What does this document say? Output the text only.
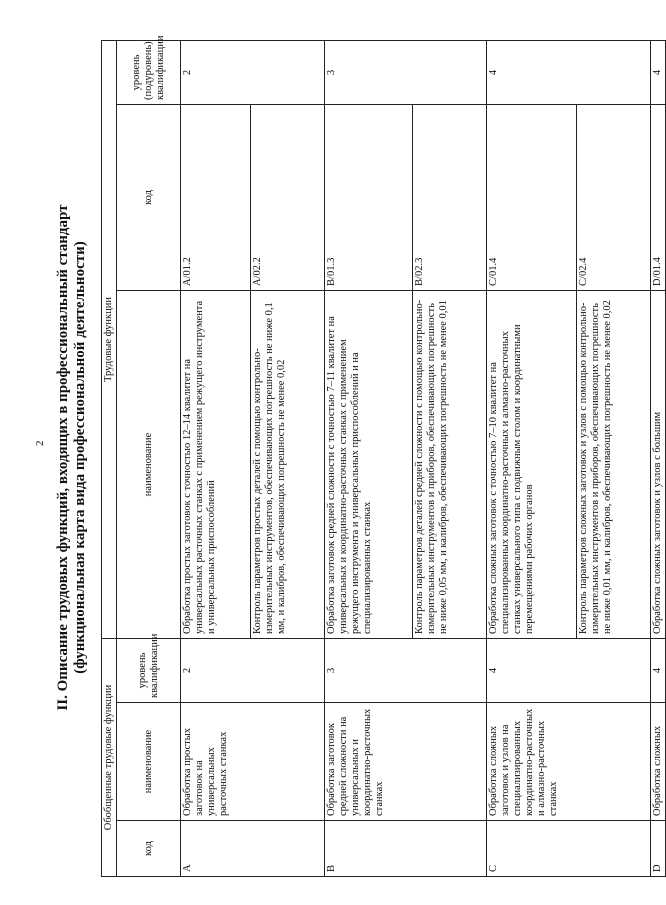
2 II. Описание трудовых функций, входящих в профессиональный стандарт (функциональная карта вида профессиональной деятельности)
Обобщенные трудовые функции			Трудовые функции		
код	наименование	уровень квалификации	наименование	код	уровень (подуровень) квалификации
A	Обработка простых заготовок на универсальных расточных станках	2	Обработка простых заготовок с точностью 12–14 квалитет на универсальных расточных станках с применением режущего инструмента и универсальных приспособлений	A/01.2	2
			Контроль параметров простых деталей с помощью контрольно-измерительных инструментов, обеспечивающих погрешность не ниже 0,1 мм, и калибров, обеспечивающих погрешность не менее 0,02	A/02.2	
B	Обработка заготовок средней сложности на универсальных и координатно-расточных станках	3	Обработка заготовок средней сложности с точностью 7–11 квалитет на универсальных и координатно-расточных станках с применением режущего инструмента и универсальных приспособлений и на специализированных станках	B/01.3	3
			Контроль параметров деталей средней сложности с помощью контрольно-измерительных инструментов и приборов, обеспечивающих погрешность не ниже 0,05 мм, и калибров, обеспечивающих погрешность не менее 0,01	B/02.3	
C	Обработка сложных заготовок и узлов на специализированных координатно-расточных и алмазно-расточных станках	4	Обработка сложных заготовок с точностью 7–10 квалитет на специализированных координатно-расточных и алмазно-расточных станках универсального типа с подвижным столом и координатными перемещениями рабочих органов	C/01.4	4
			Контроль параметров сложных заготовок и узлов с помощью контрольно-измерительных инструментов и приборов, обеспечивающих погрешность не ниже 0,01 мм, и калибров, обеспечивающих погрешность не менее 0,02	C/02.4	
D	Обработка сложных	4	Обработка сложных заготовок и узлов с большим	D/01.4	4
